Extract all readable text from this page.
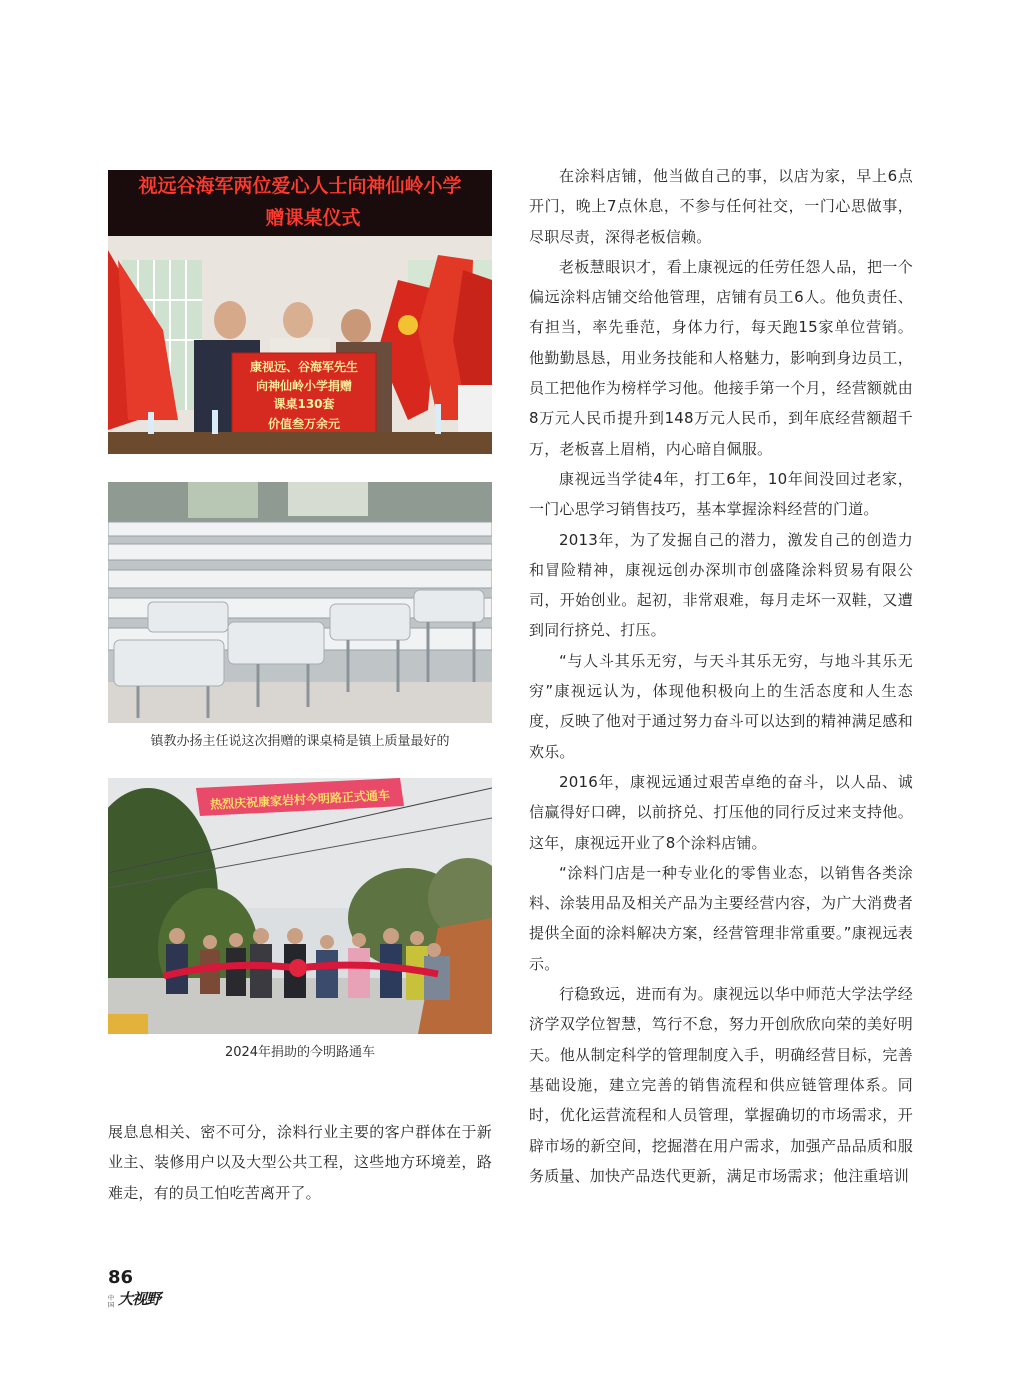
视远谷海军两位爱心人士向神仙岭小学
赠课桌仪式
康视远、谷海军先生
向神仙岭小学捐赠
课桌130套
价值叁万余元
镇教办扬主任说这次捐赠的课桌椅是镇上质量最好的
热烈庆祝康家岩村今明路正式通车
2024年捐助的今明路通车

展息息相关、密不可分，涂料行业主要的客户群体在于新业主、装修用户以及大型公共工程，这些地方环境差，路难走，有的员工怕吃苦离开了。

在涂料店铺，他当做自己的事，以店为家，早上6点开门，晚上7点休息，不参与任何社交，一门心思做事，尽职尽责，深得老板信赖。

老板慧眼识才，看上康视远的任劳任怨人品，把一个偏远涂料店铺交给他管理，店铺有员工6人。他负责任、有担当，率先垂范，身体力行，每天跑15家单位营销。他勤勤恳恳，用业务技能和人格魅力，影响到身边员工，员工把他作为榜样学习他。他接手第一个月，经营额就由8万元人民币提升到148万元人民币，到年底经营额超千万，老板喜上眉梢，内心暗自佩服。

康视远当学徒4年，打工6年，10年间没回过老家，一门心思学习销售技巧，基本掌握涂料经营的门道。

2013年，为了发掘自己的潜力，激发自己的创造力和冒险精神，康视远创办深圳市创盛隆涂料贸易有限公司，开始创业。起初，非常艰难，每月走坏一双鞋，又遭到同行挤兑、打压。

“与人斗其乐无穷，与天斗其乐无穷，与地斗其乐无穷”康视远认为，体现他积极向上的生活态度和人生态度，反映了他对于通过努力奋斗可以达到的精神满足感和欢乐。

2016年，康视远通过艰苦卓绝的奋斗，以人品、诚信赢得好口碑，以前挤兑、打压他的同行反过来支持他。这年，康视远开业了8个涂料店铺。

“涂料门店是一种专业化的零售业态，以销售各类涂料、涂装用品及相关产品为主要经营内容，为广大消费者提供全面的涂料解决方案，经营管理非常重要。”康视远表示。

行稳致远，进而有为。康视远以华中师范大学法学经济学双学位智慧，笃行不怠，努力开创欣欣向荣的美好明天。他从制定科学的管理制度入手，明确经营目标，完善基础设施，建立完善的销售流程和供应链管理体系。同时，优化运营流程和人员管理，掌握确切的市场需求，开辟市场的新空间，挖掘潜在用户需求，加强产品品质和服务质量、加快产品迭代更新，满足市场需求；他注重培训

86
中国 大视野
